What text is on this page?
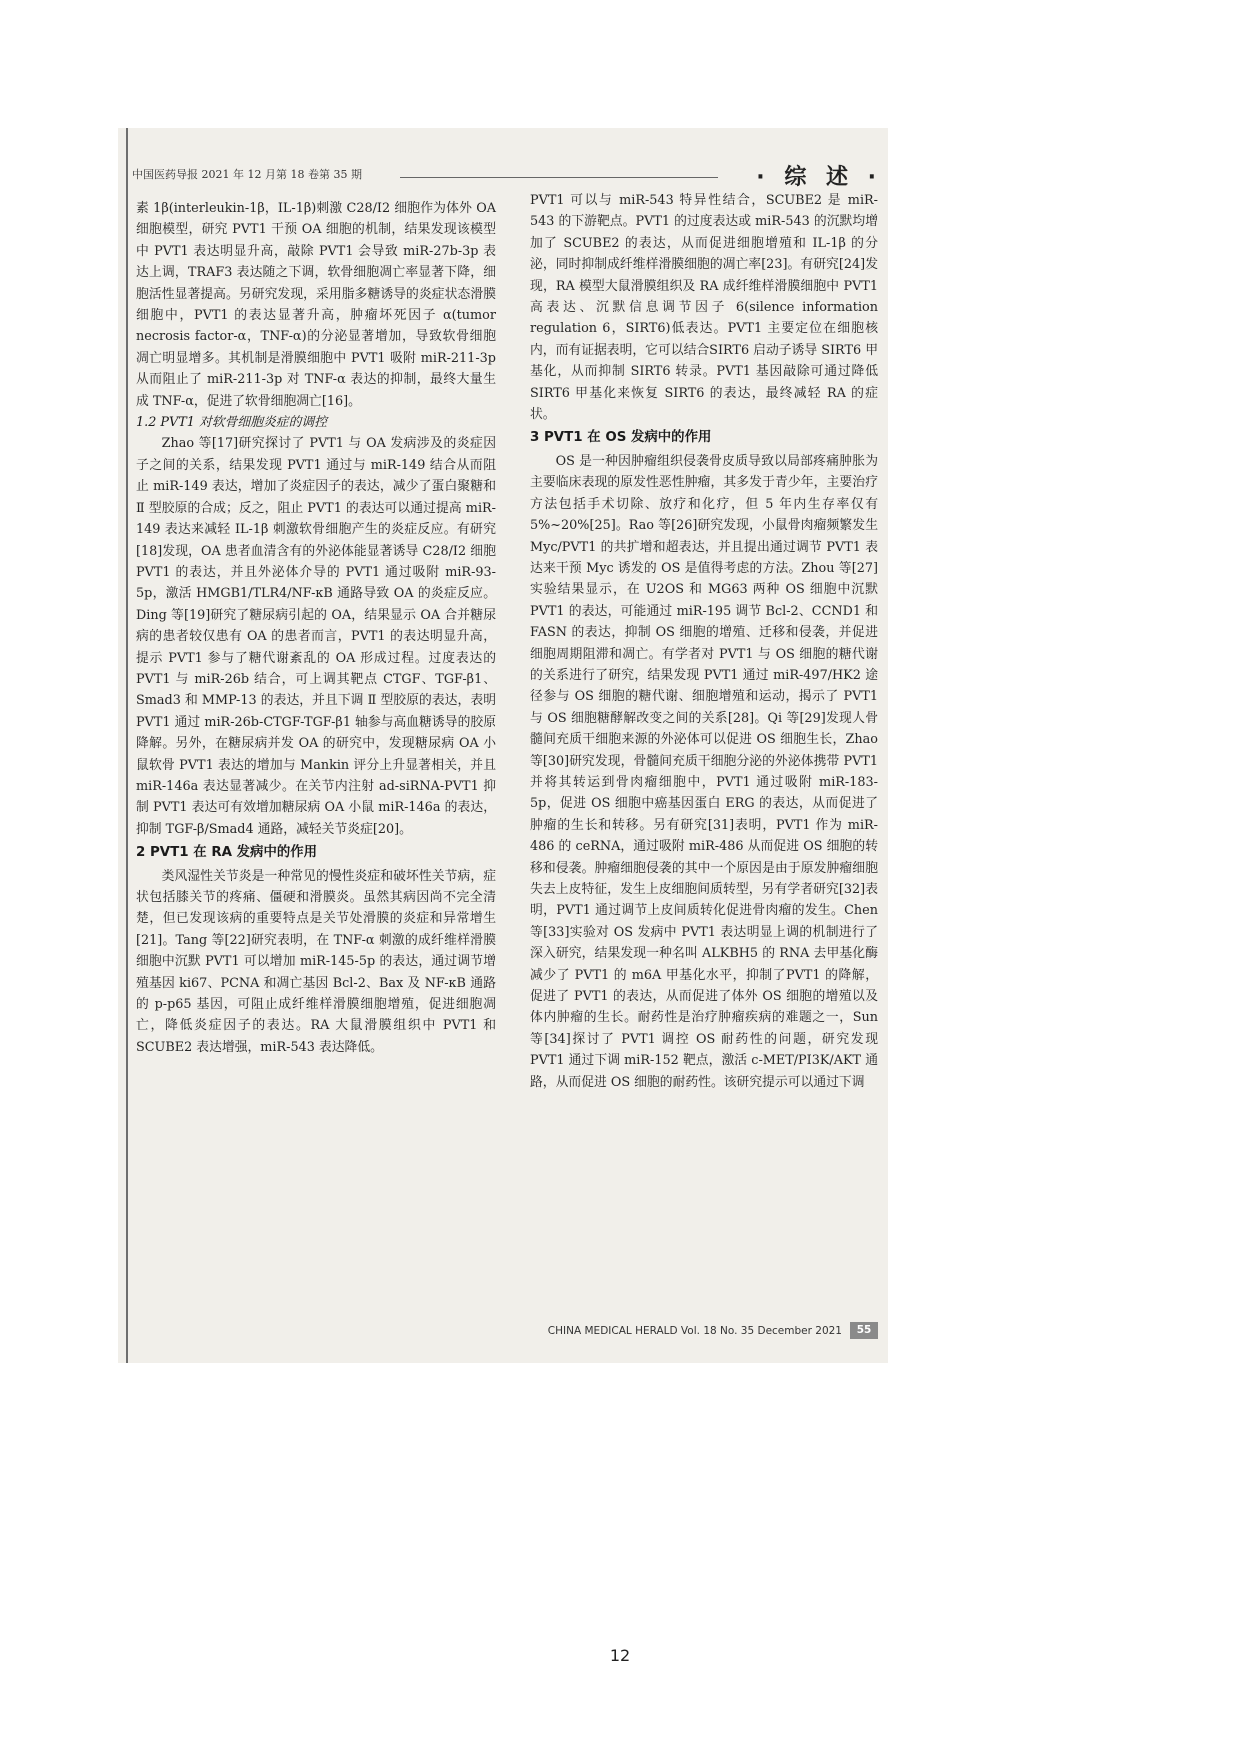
中国医药导报 2021 年 12 月第 18 卷第 35 期	· 综 述 ·

素 1β(interleukin-1β，IL-1β)刺激 C28/I2 细胞作为体外 OA 细胞模型，研究 PVT1 干预 OA 细胞的机制，结果发现该模型中 PVT1 表达明显升高，敲除 PVT1 会导致 miR-27b-3p 表达上调，TRAF3 表达随之下调，软骨细胞凋亡率显著下降，细胞活性显著提高。另研究发现，采用脂多糖诱导的炎症状态滑膜细胞中，PVT1 的表达显著升高，肿瘤坏死因子 α(tumor necrosis factor-α，TNF-α)的分泌显著增加，导致软骨细胞凋亡明显增多。其机制是滑膜细胞中 PVT1 吸附 miR-211-3p 从而阻止了 miR-211-3p 对 TNF-α 表达的抑制，最终大量生成 TNF-α，促进了软骨细胞凋亡[16]。

1.2 PVT1 对软骨细胞炎症的调控

Zhao 等[17]研究探讨了 PVT1 与 OA 发病涉及的炎症因子之间的关系，结果发现 PVT1 通过与 miR-149 结合从而阻止 miR-149 表达，增加了炎症因子的表达，减少了蛋白聚糖和 Ⅱ 型胶原的合成；反之，阻止 PVT1 的表达可以通过提高 miR-149 表达来减轻 IL-1β 刺激软骨细胞产生的炎症反应。有研究[18]发现，OA 患者血清含有的外泌体能显著诱导 C28/I2 细胞 PVT1 的表达，并且外泌体介导的 PVT1 通过吸附 miR-93-5p，激活 HMGB1/TLR4/NF-κB 通路导致 OA 的炎症反应。Ding 等[19]研究了糖尿病引起的 OA，结果显示 OA 合并糖尿病的患者较仅患有 OA 的患者而言，PVT1 的表达明显升高，提示 PVT1 参与了糖代谢紊乱的 OA 形成过程。过度表达的 PVT1 与 miR-26b 结合，可上调其靶点 CTGF、TGF-β1、Smad3 和 MMP-13 的表达，并且下调 Ⅱ 型胶原的表达，表明 PVT1 通过 miR-26b-CTGF-TGF-β1 轴参与高血糖诱导的胶原降解。另外，在糖尿病并发 OA 的研究中，发现糖尿病 OA 小鼠软骨 PVT1 表达的增加与 Mankin 评分上升显著相关，并且 miR-146a 表达显著减少。在关节内注射 ad-siRNA-PVT1 抑制 PVT1 表达可有效增加糖尿病 OA 小鼠 miR-146a 的表达，抑制 TGF-β/Smad4 通路，减轻关节炎症[20]。

2 PVT1 在 RA 发病中的作用

类风湿性关节炎是一种常见的慢性炎症和破坏性关节病，症状包括膝关节的疼痛、僵硬和滑膜炎。虽然其病因尚不完全清楚，但已发现该病的重要特点是关节处滑膜的炎症和异常增生[21]。Tang 等[22]研究表明，在 TNF-α 刺激的成纤维样滑膜细胞中沉默 PVT1 可以增加 miR-145-5p 的表达，通过调节增殖基因 ki67、PCNA 和凋亡基因 Bcl-2、Bax 及 NF-κB 通路的 p-p65 基因，可阻止成纤维样滑膜细胞增殖，促进细胞凋亡，降低炎症因子的表达。RA 大鼠滑膜组织中 PVT1 和 SCUBE2 表达增强，miR-543 表达降低。

PVT1 可以与 miR-543 特异性结合，SCUBE2 是 miR-543 的下游靶点。PVT1 的过度表达或 miR-543 的沉默均增加了 SCUBE2 的表达，从而促进细胞增殖和 IL-1β 的分泌，同时抑制成纤维样滑膜细胞的凋亡率[23]。有研究[24]发现，RA 模型大鼠滑膜组织及 RA 成纤维样滑膜细胞中 PVT1 高表达、沉默信息调节因子 6(silence information regulation 6，SIRT6)低表达。PVT1 主要定位在细胞核内，而有证据表明，它可以结合SIRT6 启动子诱导 SIRT6 甲基化，从而抑制 SIRT6 转录。PVT1 基因敲除可通过降低 SIRT6 甲基化来恢复 SIRT6 的表达，最终减轻 RA 的症状。

3 PVT1 在 OS 发病中的作用

OS 是一种因肿瘤组织侵袭骨皮质导致以局部疼痛肿胀为主要临床表现的原发性恶性肿瘤，其多发于青少年，主要治疗方法包括手术切除、放疗和化疗，但 5 年内生存率仅有 5%~20%[25]。Rao 等[26]研究发现，小鼠骨肉瘤频繁发生 Myc/PVT1 的共扩增和超表达，并且提出通过调节 PVT1 表达来干预 Myc 诱发的 OS 是值得考虑的方法。Zhou 等[27]实验结果显示，在 U2OS 和 MG63 两种 OS 细胞中沉默 PVT1 的表达，可能通过 miR-195 调节 Bcl-2、CCND1 和 FASN 的表达，抑制 OS 细胞的增殖、迁移和侵袭，并促进细胞周期阻滞和凋亡。有学者对 PVT1 与 OS 细胞的糖代谢的关系进行了研究，结果发现 PVT1 通过 miR-497/HK2 途径参与 OS 细胞的糖代谢、细胞增殖和运动，揭示了 PVT1 与 OS 细胞糖酵解改变之间的关系[28]。Qi 等[29]发现人骨髓间充质干细胞来源的外泌体可以促进 OS 细胞生长，Zhao 等[30]研究发现，骨髓间充质干细胞分泌的外泌体携带 PVT1 并将其转运到骨肉瘤细胞中，PVT1 通过吸附 miR-183-5p，促进 OS 细胞中癌基因蛋白 ERG 的表达，从而促进了肿瘤的生长和转移。另有研究[31]表明，PVT1 作为 miR-486 的 ceRNA，通过吸附 miR-486 从而促进 OS 细胞的转移和侵袭。肿瘤细胞侵袭的其中一个原因是由于原发肿瘤细胞失去上皮特征，发生上皮细胞间质转型，另有学者研究[32]表明，PVT1 通过调节上皮间质转化促进骨肉瘤的发生。Chen 等[33]实验对 OS 发病中 PVT1 表达明显上调的机制进行了深入研究，结果发现一种名叫 ALKBH5 的 RNA 去甲基化酶减少了 PVT1 的 m6A 甲基化水平，抑制了PVT1 的降解，促进了 PVT1 的表达，从而促进了体外 OS 细胞的增殖以及体内肿瘤的生长。耐药性是治疗肿瘤疾病的难题之一，Sun 等[34]探讨了 PVT1 调控 OS 耐药性的问题，研究发现 PVT1 通过下调 miR-152 靶点，激活 c-MET/PI3K/AKT 通路，从而促进 OS 细胞的耐药性。该研究提示可以通过下调

CHINA MEDICAL HERALD Vol. 18 No. 35 December 2021	55
12
